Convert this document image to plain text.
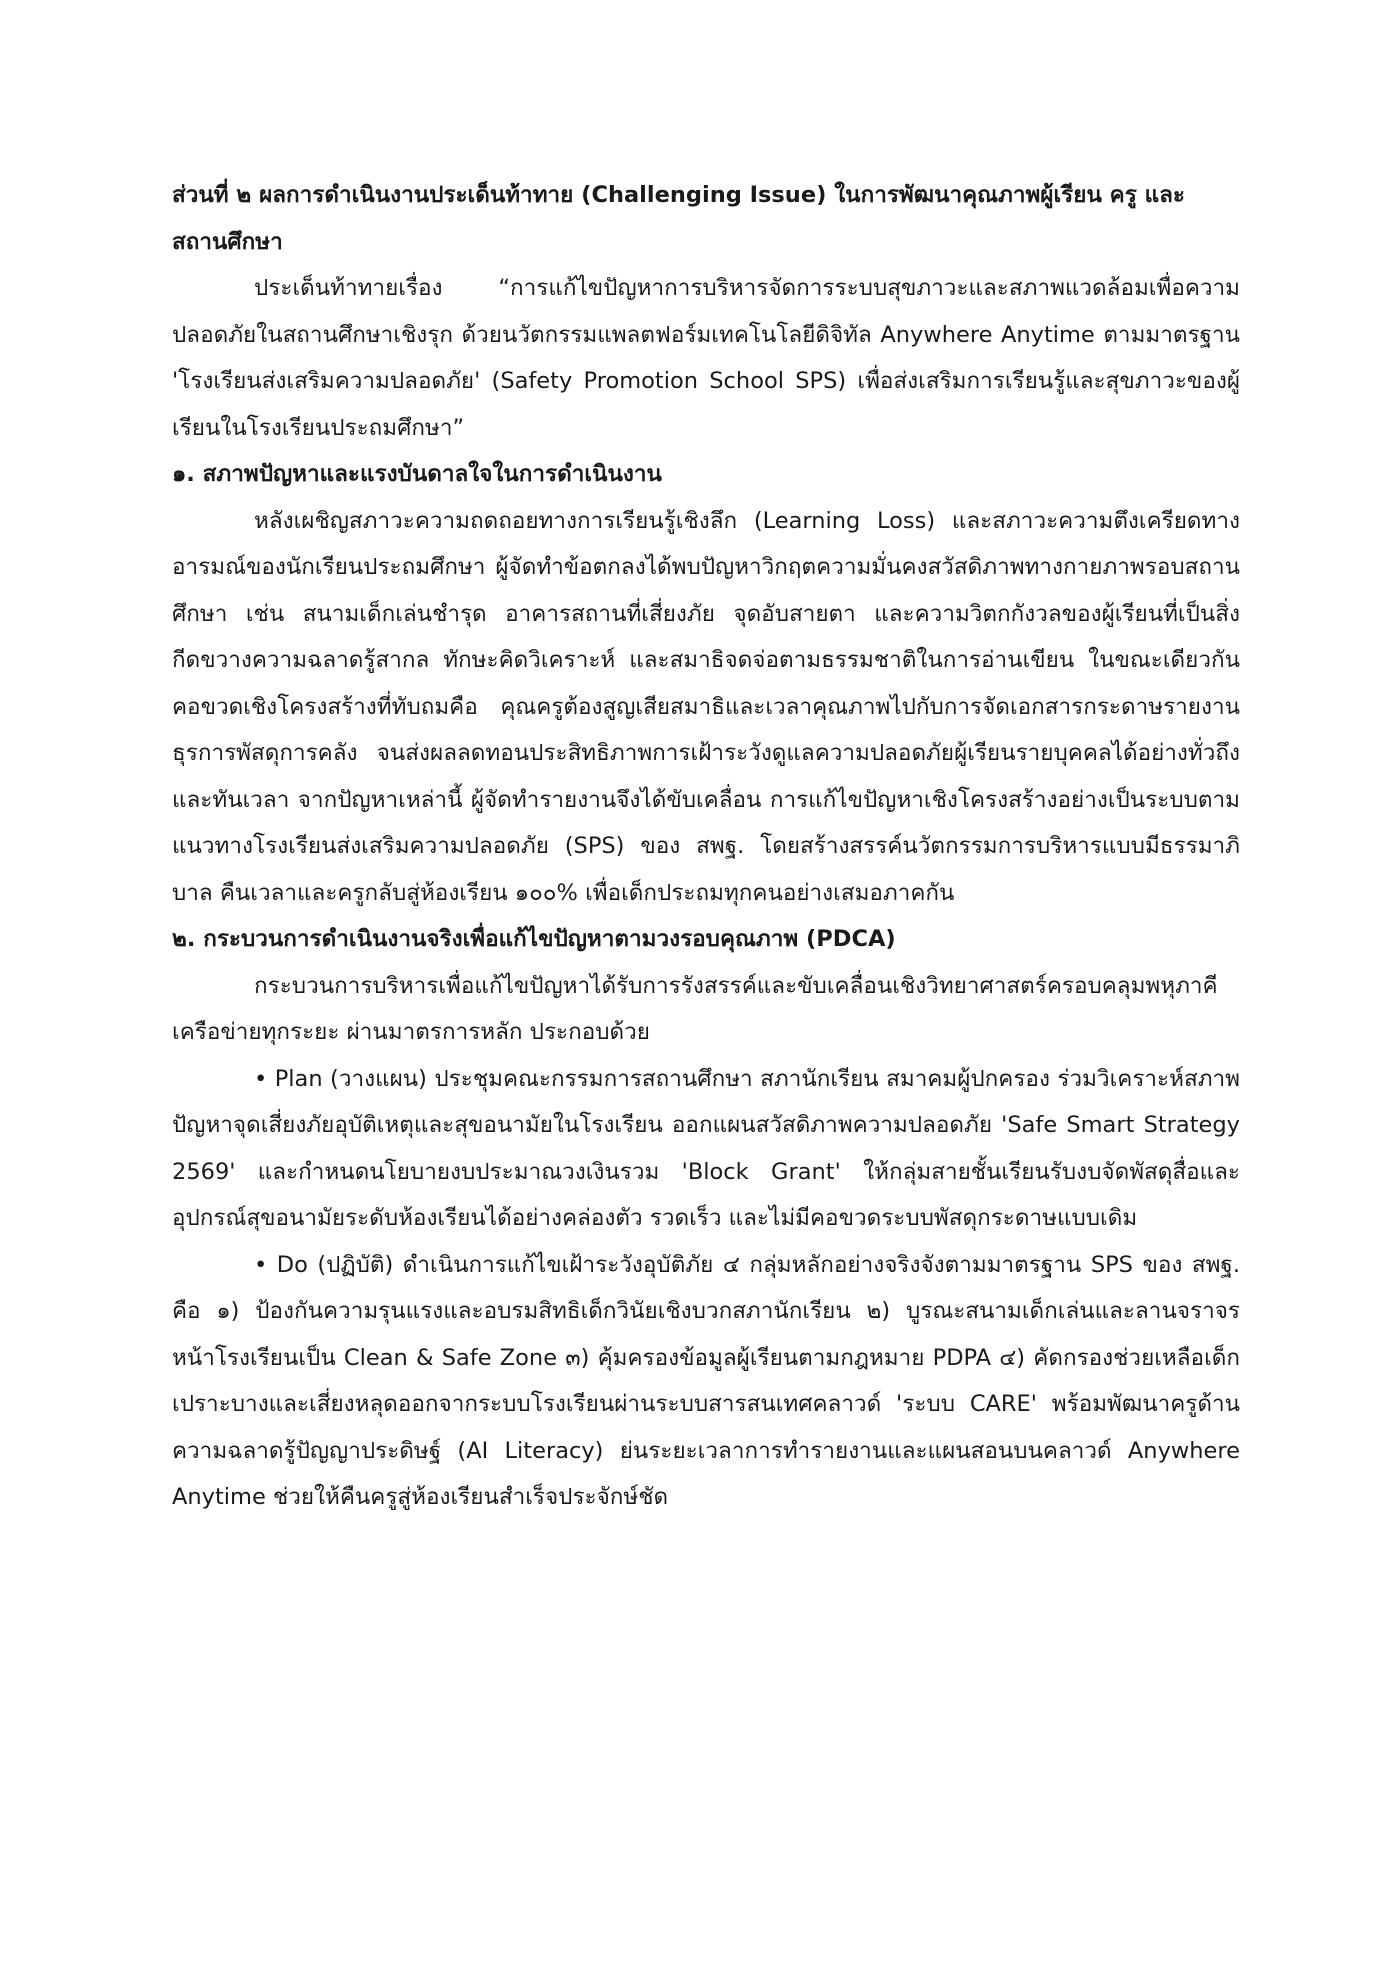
ส่วนที่ ๒ ผลการดำเนินงานประเด็นท้าทาย (Challenging Issue) ในการพัฒนาคุณภาพผู้เรียน ครู และสถานศึกษา

ประเด็นท้าทายเรื่อง “การแก้ไขปัญหาการบริหารจัดการระบบสุขภาวะและสภาพแวดล้อมเพื่อความปลอดภัยในสถานศึกษาเชิงรุก ด้วยนวัตกรรมแพลตฟอร์มเทคโนโลยีดิจิทัล Anywhere Anytime ตามมาตรฐาน 'โรงเรียนส่งเสริมความปลอดภัย' (Safety Promotion School SPS) เพื่อส่งเสริมการเรียนรู้และสุขภาวะของผู้เรียนในโรงเรียนประถมศึกษา”

๑. สภาพปัญหาและแรงบันดาลใจในการดำเนินงาน

หลังเผชิญสภาวะความถดถอยทางการเรียนรู้เชิงลึก (Learning Loss) และสภาวะความตึงเครียดทางอารมณ์ของนักเรียนประถมศึกษา ผู้จัดทำข้อตกลงได้พบปัญหาวิกฤตความมั่นคงสวัสดิภาพทางกายภาพรอบสถานศึกษา เช่น สนามเด็กเล่นชำรุด อาคารสถานที่เสี่ยงภัย จุดอับสายตา และความวิตกกังวลของผู้เรียนที่เป็นสิ่งกีดขวางความฉลาดรู้สากล ทักษะคิดวิเคราะห์ และสมาธิจดจ่อตามธรรมชาติในการอ่านเขียน ในขณะเดียวกัน คอขวดเชิงโครงสร้างที่ทับถมคือ คุณครูต้องสูญเสียสมาธิและเวลาคุณภาพไปกับการจัดเอกสารกระดาษรายงานธุรการพัสดุการคลัง จนส่งผลลดทอนประสิทธิภาพการเฝ้าระวังดูแลความปลอดภัยผู้เรียนรายบุคคลได้อย่างทั่วถึงและทันเวลา จากปัญหาเหล่านี้ ผู้จัดทำรายงานจึงได้ขับเคลื่อน การแก้ไขปัญหาเชิงโครงสร้างอย่างเป็นระบบตามแนวทางโรงเรียนส่งเสริมความปลอดภัย (SPS) ของ สพฐ. โดยสร้างสรรค์นวัตกรรมการบริหารแบบมีธรรมาภิบาล คืนเวลาและครูกลับสู่ห้องเรียน ๑๐๐% เพื่อเด็กประถมทุกคนอย่างเสมอภาคกัน

๒. กระบวนการดำเนินงานจริงเพื่อแก้ไขปัญหาตามวงรอบคุณภาพ (PDCA)

กระบวนการบริหารเพื่อแก้ไขปัญหาได้รับการรังสรรค์และขับเคลื่อนเชิงวิทยาศาสตร์ครอบคลุมพหุภาคีเครือข่ายทุกระยะ ผ่านมาตรการหลัก ประกอบด้วย

• Plan (วางแผน) ประชุมคณะกรรมการสถานศึกษา สภานักเรียน สมาคมผู้ปกครอง ร่วมวิเคราะห์สภาพปัญหาจุดเสี่ยงภัยอุบัติเหตุและสุขอนามัยในโรงเรียน ออกแผนสวัสดิภาพความปลอดภัย 'Safe Smart Strategy 2569' และกำหนดนโยบายงบประมาณวงเงินรวม 'Block Grant' ให้กลุ่มสายชั้นเรียนรับงบจัดพัสดุสื่อและอุปกรณ์สุขอนามัยระดับห้องเรียนได้อย่างคล่องตัว รวดเร็ว และไม่มีคอขวดระบบพัสดุกระดาษแบบเดิม

• Do (ปฏิบัติ) ดำเนินการแก้ไขเฝ้าระวังอุบัติภัย ๔ กลุ่มหลักอย่างจริงจังตามมาตรฐาน SPS ของ สพฐ. คือ ๑) ป้องกันความรุนแรงและอบรมสิทธิเด็กวินัยเชิงบวกสภานักเรียน ๒) บูรณะสนามเด็กเล่นและลานจราจรหน้าโรงเรียนเป็น Clean & Safe Zone ๓) คุ้มครองข้อมูลผู้เรียนตามกฎหมาย PDPA ๔) คัดกรองช่วยเหลือเด็กเปราะบางและเสี่ยงหลุดออกจากระบบโรงเรียนผ่านระบบสารสนเทศคลาวด์ 'ระบบ CARE' พร้อมพัฒนาครูด้านความฉลาดรู้ปัญญาประดิษฐ์ (AI Literacy) ย่นระยะเวลาการทำรายงานและแผนสอนบนคลาวด์ Anywhere Anytime ช่วยให้คืนครูสู่ห้องเรียนสำเร็จประจักษ์ชัด
